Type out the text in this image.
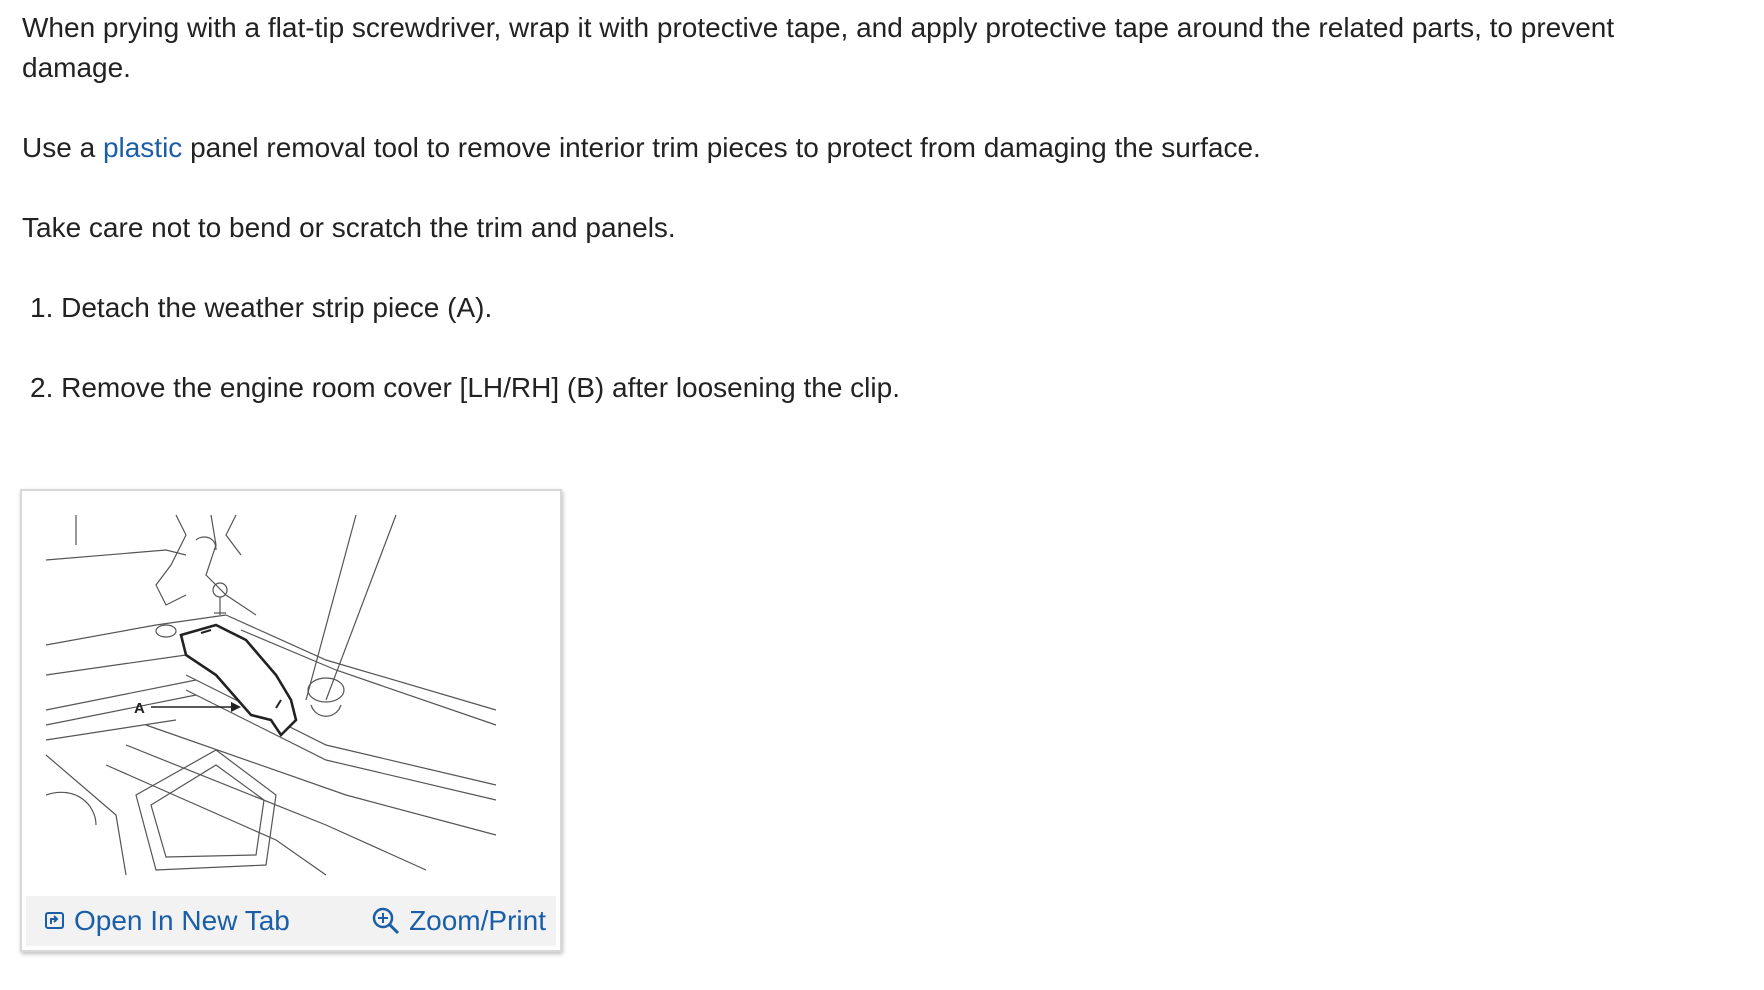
When prying with a flat-tip screwdriver, wrap it with protective tape, and apply protective tape around the related parts, to prevent damage.

Use a plastic panel removal tool to remove interior trim pieces to protect from damaging the surface.

Take care not to bend or scratch the trim and panels.

1. Detach the weather strip piece (A).
2. Remove the engine room cover [LH/RH] (B) after loosening the clip.
A
Open In New Tab	Zoom/Print
